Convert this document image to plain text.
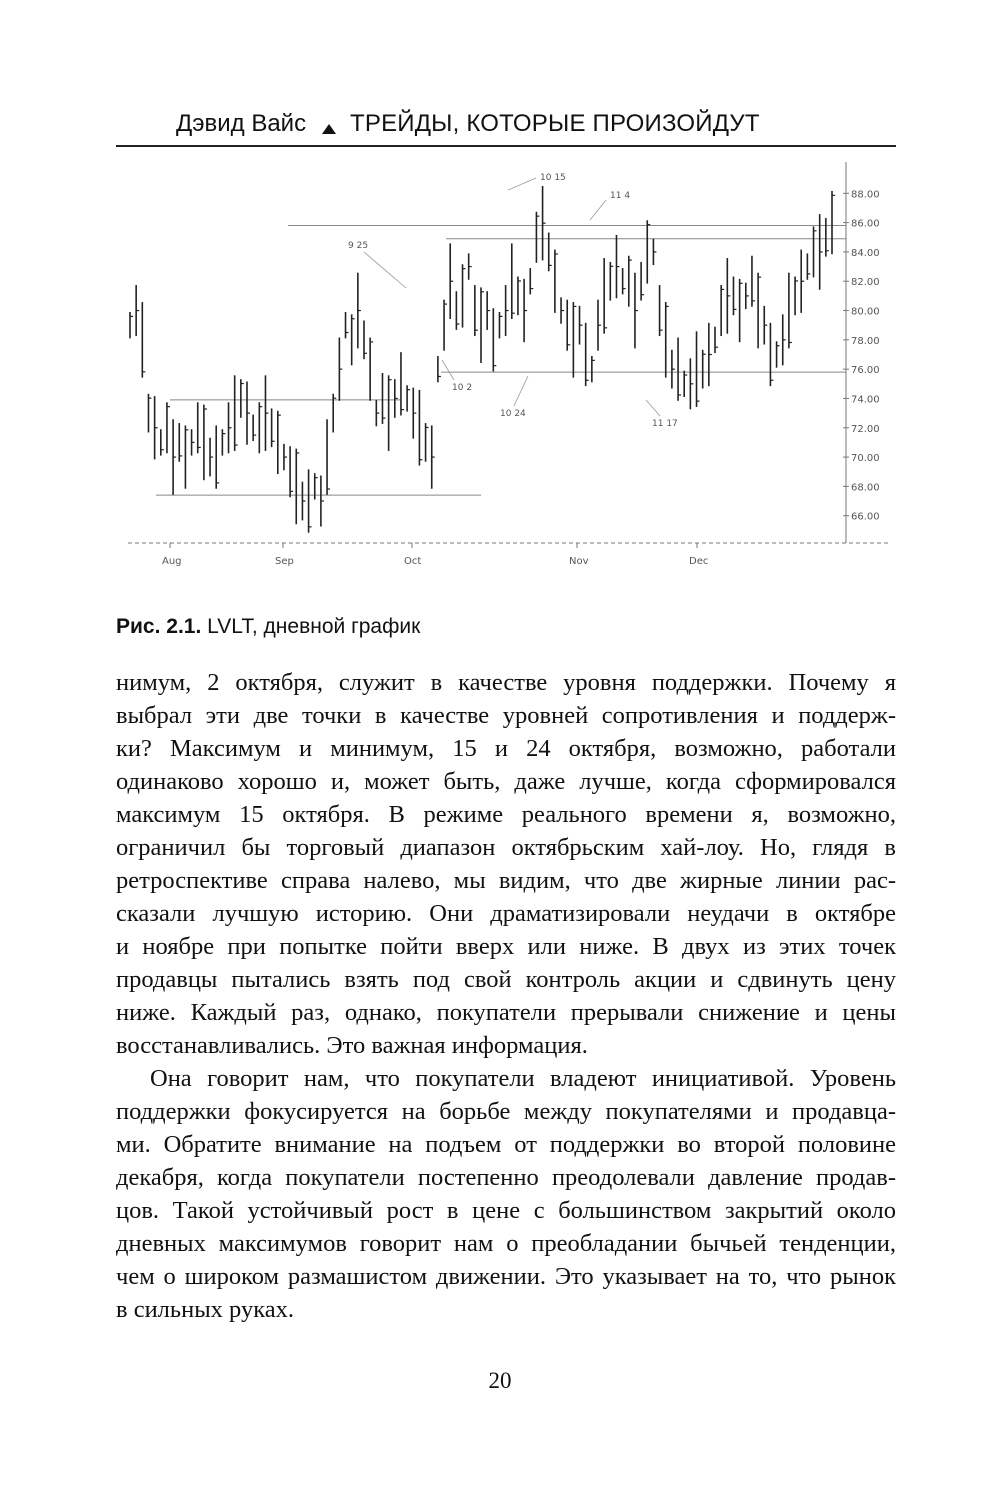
Дэвид Вайс ТРЕЙДЫ, КОТОРЫЕ ПРОИЗОЙДУТ
9 25
10 15
11 4
10 2
10 24
11 17
88.00
86.00
84.00
82.00
80.00
78.00
76.00
74.00
72.00
70.00
68.00
66.00
Aug	Sep	Oct	Nov	Dec
Рис. 2.1. LVLT, дневной график
нимум, 2 октября, служит в качестве уровня поддержки. Почему я
выбрал эти две точки в качестве уровней сопротивления и поддерж-
ки? Максимум и минимум, 15 и 24 октября, возможно, работали
одинаково хорошо и, может быть, даже лучше, когда сформировался
максимум 15 октября. В режиме реального времени я, возможно,
ограничил бы торговый диапазон октябрьским хай-лоу. Но, глядя в
ретроспективе справа налево, мы видим, что две жирные линии рас-
сказали лучшую историю. Они драматизировали неудачи в октябре
и ноябре при попытке пойти вверх или ниже. В двух из этих точек
продавцы пытались взять под свой контроль акции и сдвинуть цену
ниже. Каждый раз, однако, покупатели прерывали снижение и цены
восстанавливались. Это важная информация.
Она говорит нам, что покупатели владеют инициативой. Уровень
поддержки фокусируется на борьбе между покупателями и продавца-
ми. Обратите внимание на подъем от поддержки во второй половине
декабря, когда покупатели постепенно преодолевали давление продав-
цов. Такой устойчивый рост в цене с большинством закрытий около
дневных максимумов говорит нам о преобладании бычьей тенденции,
чем о широком размашистом движении. Это указывает на то, что рынок
в сильных руках.
20
